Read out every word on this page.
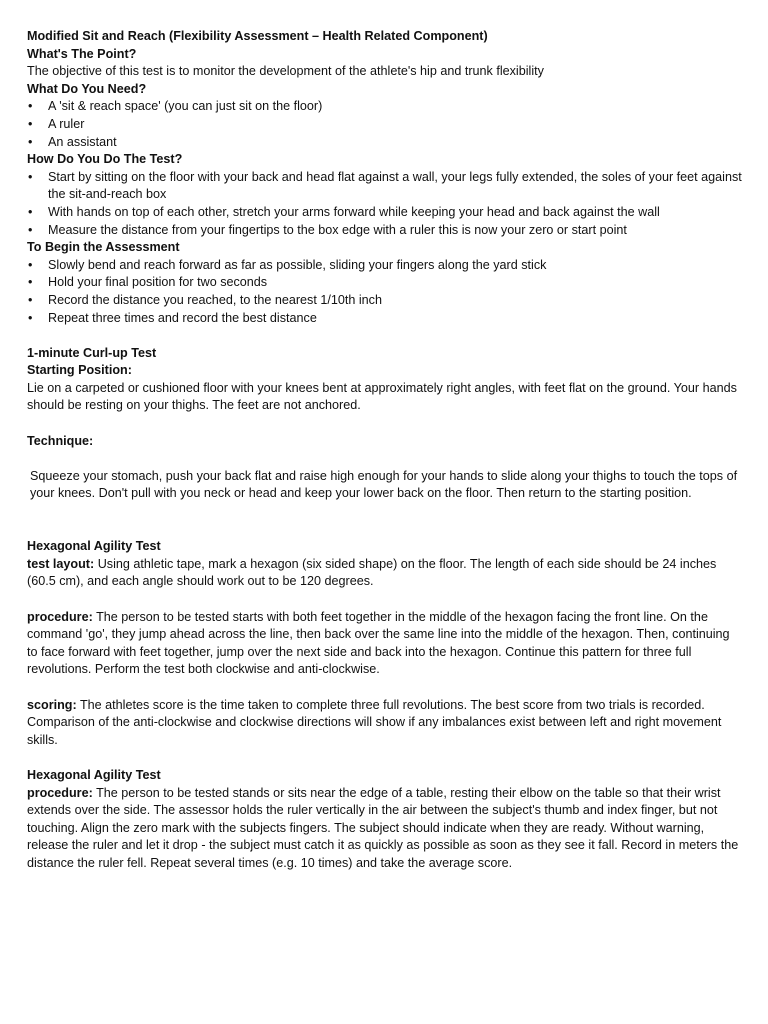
Modified Sit and Reach (Flexibility Assessment – Health Related Component)

What's The Point?

The objective of this test is to monitor the development of the athlete's hip and trunk flexibility

What Do You Need?

• A 'sit & reach space' (you can just sit on the floor)
• A ruler
• An assistant

How Do You Do The Test?

• Start by sitting on the floor with your back and head flat against a wall, your legs fully extended, the soles of your feet against the sit-and-reach box
• With hands on top of each other, stretch your arms forward while keeping your head and back against the wall
• Measure the distance from your fingertips to the box edge with a ruler this is now your zero or start point

To Begin the Assessment

• Slowly bend and reach forward as far as possible, sliding your fingers along the yard stick
• Hold your final position for two seconds
• Record the distance you reached, to the nearest 1/10th inch
• Repeat three times and record the best distance

1-minute Curl-up Test

Starting Position:

Lie on a carpeted or cushioned floor with your knees bent at approximately right angles, with feet flat on the ground. Your hands should be resting on your thighs. The feet are not anchored.

Technique:

Squeeze your stomach, push your back flat and raise high enough for your hands to slide along your thighs to touch the tops of your knees. Don't pull with you neck or head and keep your lower back on the floor. Then return to the starting position.

Hexagonal Agility Test

test layout: Using athletic tape, mark a hexagon (six sided shape) on the floor. The length of each side should be 24 inches (60.5 cm), and each angle should work out to be 120 degrees.

procedure: The person to be tested starts with both feet together in the middle of the hexagon facing the front line. On the command 'go', they jump ahead across the line, then back over the same line into the middle of the hexagon. Then, continuing to face forward with feet together, jump over the next side and back into the hexagon. Continue this pattern for three full revolutions. Perform the test both clockwise and anti-clockwise.

scoring: The athletes score is the time taken to complete three full revolutions. The best score from two trials is recorded. Comparison of the anti-clockwise and clockwise directions will show if any imbalances exist between left and right movement skills.

Hexagonal Agility Test

procedure: The person to be tested stands or sits near the edge of a table, resting their elbow on the table so that their wrist extends over the side. The assessor holds the ruler vertically in the air between the subject's thumb and index finger, but not touching. Align the zero mark with the subjects fingers. The subject should indicate when they are ready. Without warning, release the ruler and let it drop - the subject must catch it as quickly as possible as soon as they see it fall. Record in meters the distance the ruler fell. Repeat several times (e.g. 10 times) and take the average score.
